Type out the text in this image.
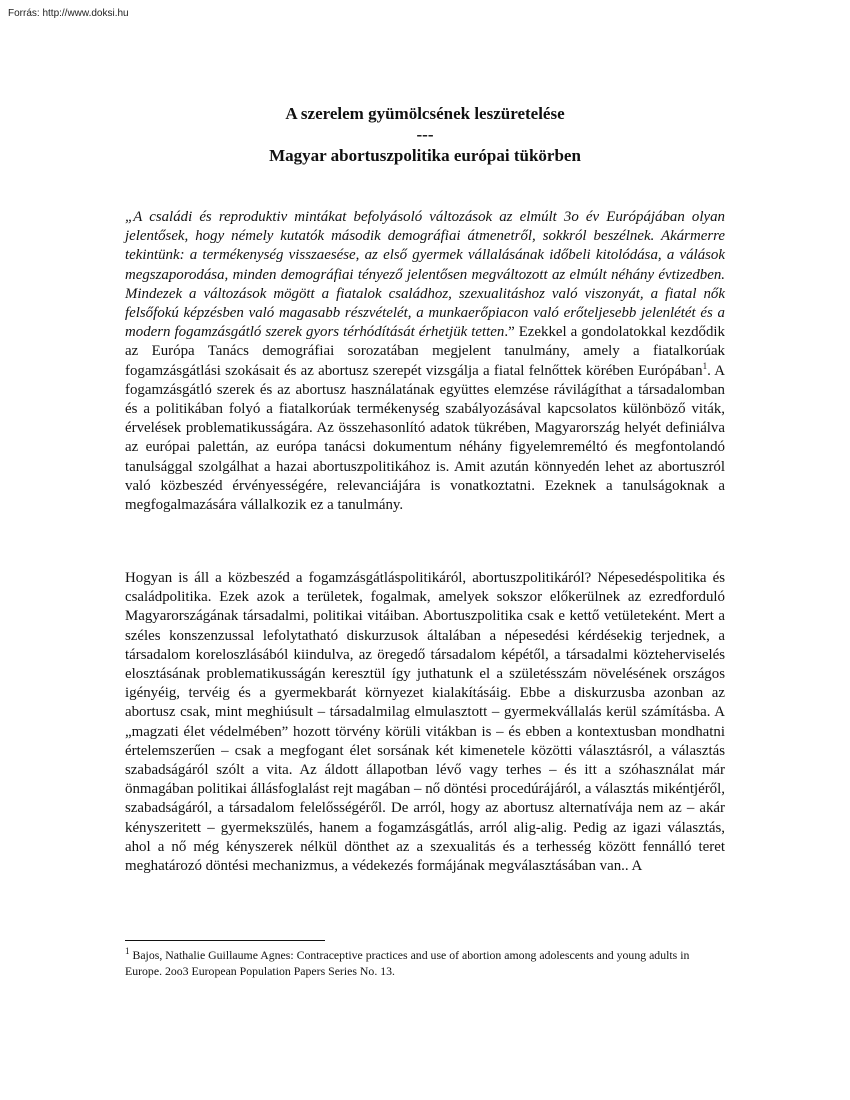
Forrás: http://www.doksi.hu
A szerelem gyümölcsének leszüretelése
---
Magyar abortuszpolitika európai tükörben
„A családi és reproduktiv mintákat befolyásoló változások az elmúlt 3o év Európájában olyan jelentősek, hogy némely kutatók második demográfiai átmenetről, sokkról beszélnek. Akármerre tekintünk: a termékenység visszaesése, az első gyermek vállalásának időbeli kitolódása, a válások megszaporodása, minden demográfiai tényező jelentősen megváltozott az elmúlt néhány évtizedben. Mindezek a változások mögött a fiatalok családhoz, szexualitáshoz való viszonyát, a fiatal nők felsőfokú képzésben való magasabb részvételét, a munkaerőpiacon való erőteljesebb jelenlétét és a modern fogamzásgátló szerek gyors térhódítását érhetjük tetten.” Ezekkel a gondolatokkal kezdődik az Európa Tanács demográfiai sorozatában megjelent tanulmány, amely a fiatalkorúak fogamzásgátlási szokásait és az abortusz szerepét vizsgálja a fiatal felnőttek körében Európában$^1$. A fogamzásgátló szerek és az abortusz használatának együttes elemzése rávilágíthat a társadalomban és a politikában folyó a fiatalkorúak termékenység szabályozásával kapcsolatos különböző viták, érvelések problematikusságára. Az összehasonlító adatok tükrében, Magyarország helyét definiálva az európai palettán, az európa tanácsi dokumentum néhány figyelemreméltó és megfontolandó tanulsággal szolgálhat a hazai abortuszpolitikához is. Amit azután könnyedén lehet az abortuszról való közbeszéd érvényességére, relevanciájára is vonatkoztatni. Ezeknek a tanulságoknak a megfogalmazására vállalkozik ez a tanulmány.
Hogyan is áll a közbeszéd a fogamzásgátláspolitikáról, abortuszpolitikáról? Népesedéspolitika és családpolitika. Ezek azok a területek, fogalmak, amelyek sokszor előkerülnek az ezredforduló Magyarországának társadalmi, politikai vitáiban. Abortuszpolitika csak e kettő vetületeként. Mert a széles konszenzussal lefolytatható diskurzusok általában a népesedési kérdésekig terjednek, a társadalom koreloszlásából kiindulva, az öregedő társadalom képétől, a társadalmi közteherviselés elosztásának problematikusságán keresztül így juthatunk el a születésszám növelésének országos igényéig, tervéig és a gyermekbarát környezet kialakításáig. Ebbe a diskurzusba azonban az abortusz csak, mint meghiúsult – társadalmilag elmulasztott – gyermekvállalás kerül számításba. A „magzati élet védelmében” hozott törvény körüli vitákban is – és ebben a kontextusban mondhatni értelemszerűen – csak a megfogant élet sorsának két kimenetele közötti választásról, a választás szabadságáról szólt a vita. Az áldott állapotban lévő vagy terhes – és itt a szóhasználat már önmagában politikai állásfoglalást rejt magában – nő döntési procedúrájáról, a választás mikéntjéről, szabadságáról, a társadalom felelősségéről. De arról, hogy az abortusz alternatívája nem az – akár kényszeritett – gyermekszülés, hanem a fogamzásgátlás, arról alig-alig. Pedig az igazi választás, ahol a nő még kényszerek nélkül dönthet az a szexualitás és a terhesség között fennálló teret meghatározó döntési mechanizmus, a védekezés formájának megválasztásában van.. A
$^1$ Bajos, Nathalie Guillaume Agnes: Contraceptive practices and use of abortion among adolescents and young adults in Europe. 2oo3 European Population Papers Series No. 13.
